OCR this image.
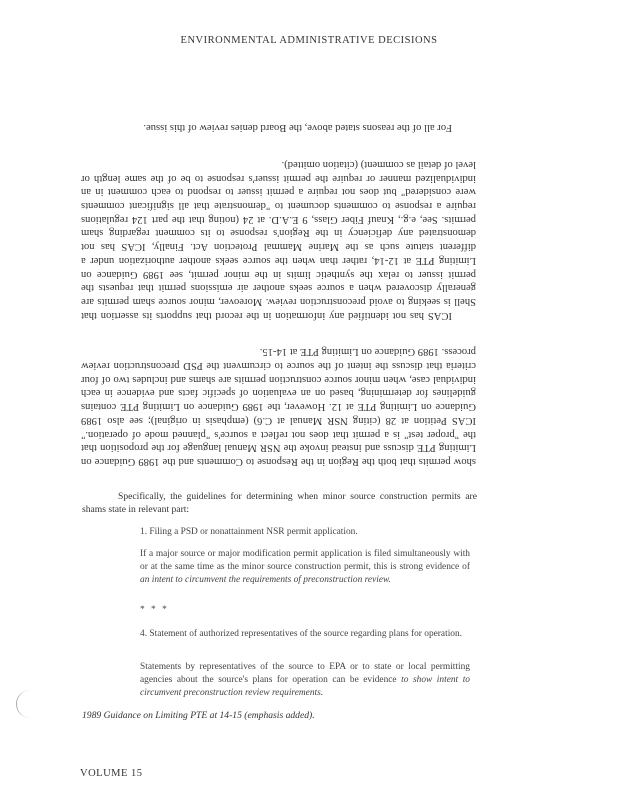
ENVIRONMENTAL ADMINISTRATIVE DECISIONS

show permits that both the Region in the Response to Comments and the 1989 Guidance on Limiting PTE discuss and instead invoke the NSR Manual language for the proposition that the "proper test" is a permit that does not reflect a source's "planned mode of operation." ICAS Petition at 28 (citing NSR Manual at C.6) (emphasis in original); see also 1989 Guidance on Limiting PTE at 12. However, the 1989 Guidance on Limiting PTE contains guidelines for determining, based on an evaluation of specific facts and evidence in each individual case, when minor source construction permits are shams and includes two of four criteria that discuss the intent of the source to circumvent the PSD preconstruction review process. 1989 Guidance on Limiting PTE at 14-15.

ICAS has not identified any information in the record that supports its assertion that Shell is seeking to avoid preconstruction review. Moreover, minor source sham permits are generally discovered when a source seeks another air emissions permit that requests the permit issuer to relax the synthetic limits in the minor permit, see 1989 Guidance on Limiting PTE at 12-14, rather than when the source seeks another authorization under a different statute such as the Marine Mammal Protection Act. Finally, ICAS has not demonstrated any deficiency in the Region's response to its comment regarding sham permits. See, e.g., Knauf Fiber Glass, 9 E.A.D. at 24 (noting that the part 124 regulations require a response to comments document to "demonstrate that all significant comments were considered" but does not require a permit issuer to respond to each comment in an individualized manner or require the permit issuer's response to be of the same length or level of detail as comment) (citation omitted).

For all of the reasons stated above, the Board denies review of this issue.

Specifically, the guidelines for determining when minor source construction permits are shams state in relevant part:
1. Filing a PSD or nonattainment NSR permit application.
If a major source or major modification permit application is filed simultaneously with or at the same time as the minor source construction permit, this is strong evidence of an intent to circumvent the requirements of preconstruction review.
* * *
4. Statement of authorized representatives of the source regarding plans for operation.
Statements by representatives of the source to EPA or to state or local permitting agencies about the source's plans for operation can be evidence to show intent to circumvent preconstruction review requirements.
1989 Guidance on Limiting PTE at 14-15 (emphasis added).
VOLUME 15
